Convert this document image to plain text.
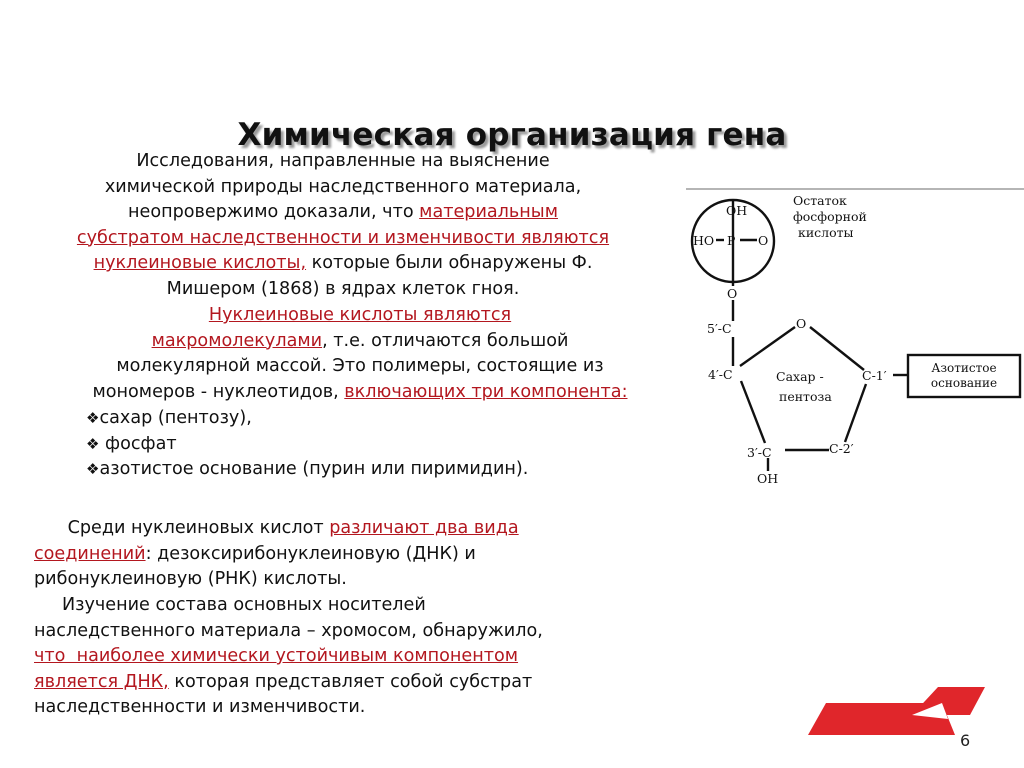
Химическая организация гена
Исследования, направленные на выяснение
химической природы наследственного материала,
неопровержимо доказали, что материальным
субстратом наследственности и изменчивости являются
нуклеиновые кислоты, которые были обнаружены Ф.
Мишером (1868) в ядрах клеток гноя.
Нуклеиновые кислоты являются
макромолекулами, т.е. отличаются большой
молекулярной массой. Это полимеры, состоящие из
мономеров - нуклеотидов, включающих три компонента:
❖сахар (пентозу),
❖ фосфат
❖азотистое основание (пурин или пиримидин).
Среди нуклеиновых кислот различают два вида
соединений: дезоксирибонуклеиновую (ДНК) и
рибонуклеиновую (РНК) кислоты.
Изучение состава основных носителей
наследственного материала – хромосом, обнаружило,
что  наиболее химически устойчивым компонентом
является ДНК, которая представляет собой субстрат
наследственности и изменчивости.
Остаток
фосфорной
кислоты
OH
HO P O
O
5′-C	O
4′-C	C-1′
3′-C	C-2′
OH
Сахар -
пентоза
Азотистое
основание
6
